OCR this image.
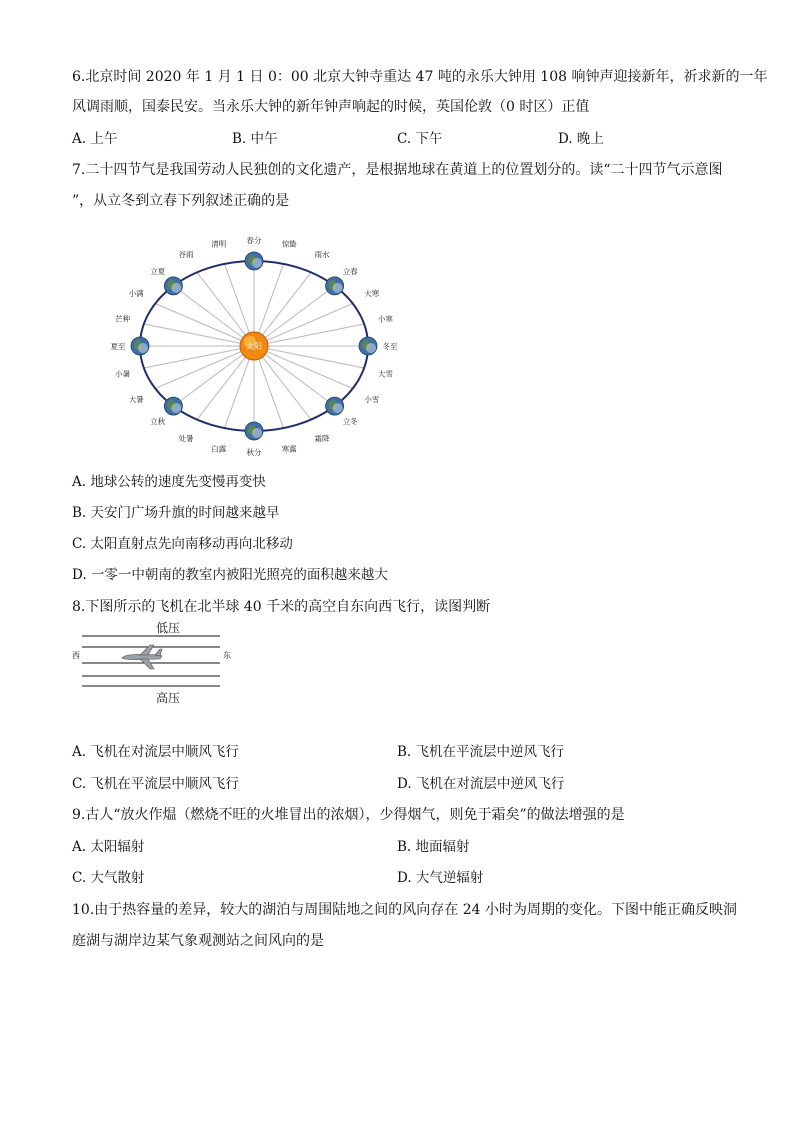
6.北京时间 2020 年 1 月 1 日 0：00 北京大钟寺重达 47 吨的永乐大钟用 108 响钟声迎接新年，祈求新的一年
风调雨顺，国泰民安。当永乐大钟的新年钟声响起的时候，英国伦敦（0 时区）正值
A. 上午	B. 中午	C. 下午	D. 晚上
7.二十四节气是我国劳动人民独创的文化遗产，是根据地球在黄道上的位置划分的。读“二十四节气示意图
”，从立冬到立春下列叙述正确的是
春分	惊蛰
雨水
立春
大寒
小寒
冬至
大雪
小雪
立冬
霜降
寒露
秋分
白露
处暑
立秋
大暑
小暑
夏至
芒种
小满
立夏
谷雨
清明
太阳
A. 地球公转的速度先变慢再变快
B. 天安门广场升旗的时间越来越早
C. 太阳直射点先向南移动再向北移动
D. 一零一中朝南的教室内被阳光照亮的面积越来越大
8.下图所示的飞机在北半球 40 千米的高空自东向西飞行，读图判断
低压
西	东
高压
A. 飞机在对流层中顺风飞行	B. 飞机在平流层中逆风飞行
C. 飞机在平流层中顺风飞行	D. 飞机在对流层中逆风飞行
9.古人“放火作煴（燃烧不旺的火堆冒出的浓烟），少得烟气，则免于霜矣”的做法增强的是
A. 太阳辐射	B. 地面辐射
C. 大气散射	D. 大气逆辐射
10.由于热容量的差异，较大的湖泊与周围陆地之间的风向存在 24 小时为周期的变化。下图中能正确反映洞
庭湖与湖岸边某气象观测站之间风向的是
